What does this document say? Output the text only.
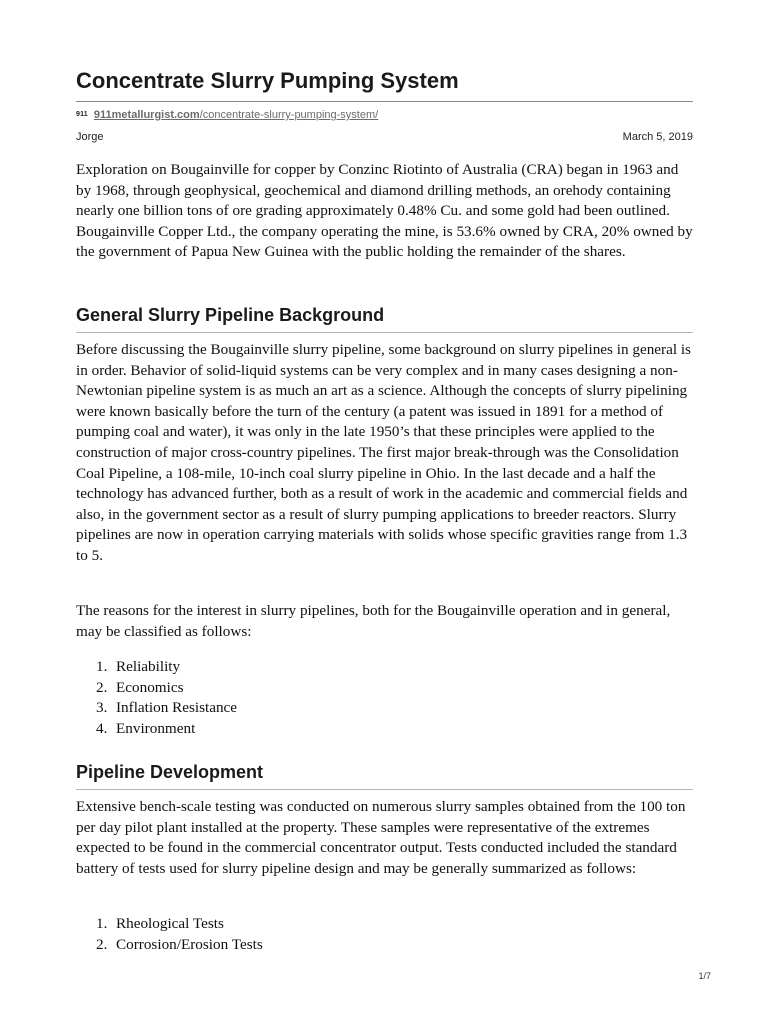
Concentrate Slurry Pumping System
911 911metallurgist.com/concentrate-slurry-pumping-system/
Jorge	March 5, 2019

Exploration on Bougainville for copper by Conzinc Riotinto of Australia (CRA) began in 1963 and by 1968, through geophysical, geochemical and diamond drilling methods, an orehody containing nearly one billion tons of ore grading approximately 0.48% Cu. and some gold had been outlined. Bougainville Copper Ltd., the company operating the mine, is 53.6% owned by CRA, 20% owned by the government of Papua New Guinea with the public holding the remainder of the shares.

General Slurry Pipeline Background

Before discussing the Bougainville slurry pipeline, some background on slurry pipelines in general is in order. Behavior of solid-liquid systems can be very complex and in many cases designing a non-Newtonian pipeline system is as much an art as a science. Although the concepts of slurry pipelining were known basically before the turn of the century (a patent was issued in 1891 for a method of pumping coal and water), it was only in the late 1950’s that these principles were applied to the construction of major cross-country pipelines. The first major break-through was the Consolidation Coal Pipeline, a 108-mile, 10-inch coal slurry pipeline in Ohio. In the last decade and a half the technology has advanced further, both as a result of work in the academic and commercial fields and also, in the government sector as a result of slurry pumping applications to breeder reactors. Slurry pipelines are now in operation carrying materials with solids whose specific gravities range from 1.3 to 5.

The reasons for the interest in slurry pipelines, both for the Bougainville operation and in general, may be classified as follows:

1. Reliability
2. Economics
3. Inflation Resistance
4. Environment
Pipeline Development

Extensive bench-scale testing was conducted on numerous slurry samples obtained from the 100 ton per day pilot plant installed at the property. These samples were representative of the extremes expected to be found in the commercial concentrator output. Tests conducted included the standard battery of tests used for slurry pipeline design and may be generally summarized as follows:

1. Rheological Tests
2. Corrosion/Erosion Tests
1/7
